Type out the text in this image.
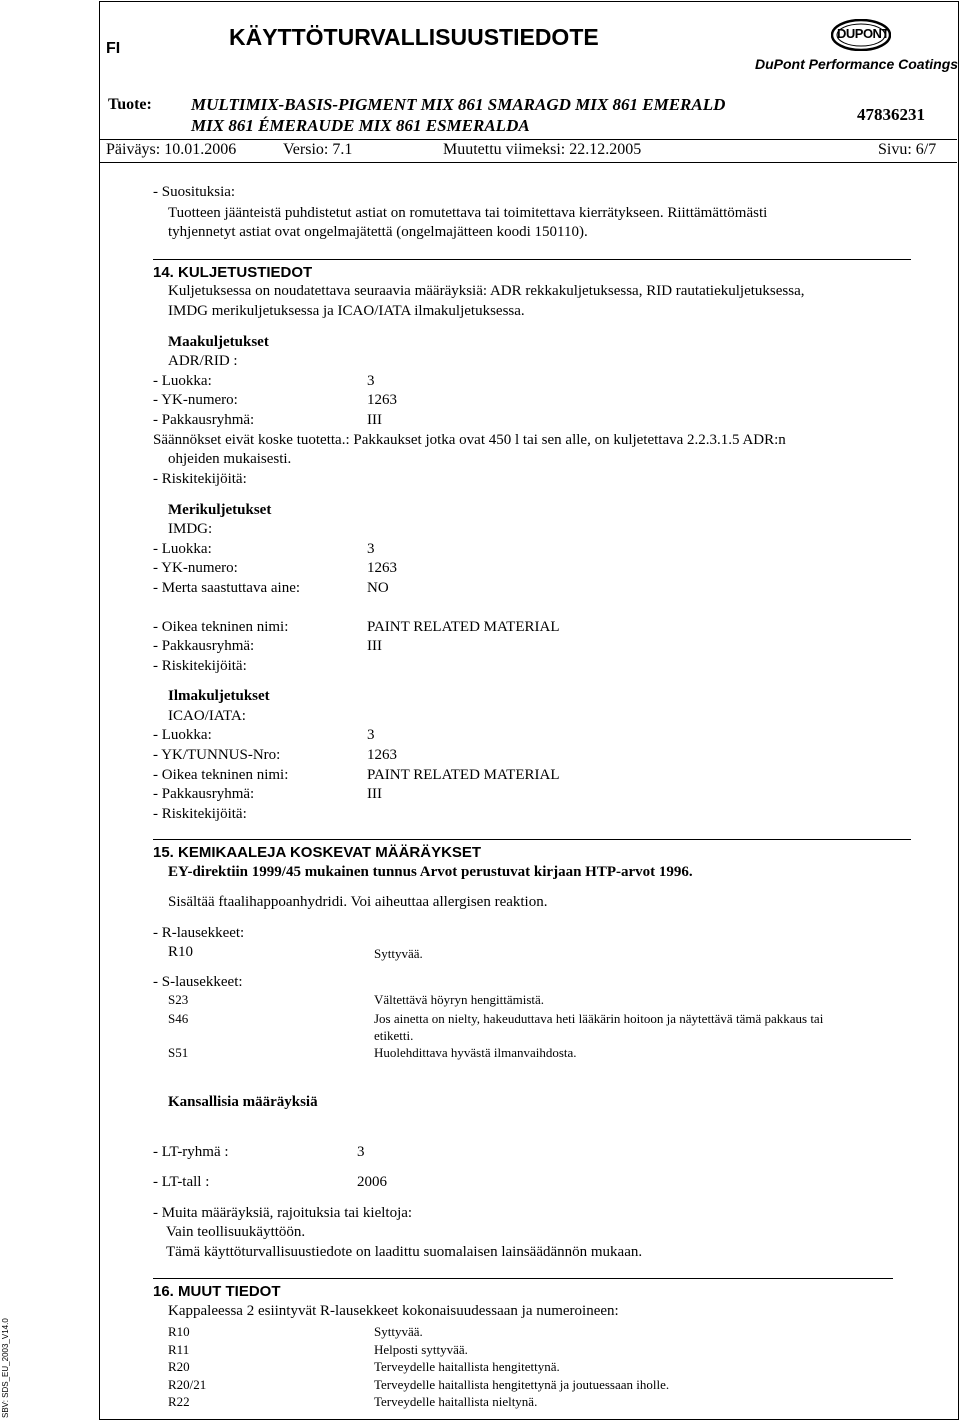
SBV: SDS_EU_2003_V14.0
KÄYTTÖTURVALLISUUSTIEDOTE
FI
DUPONT
DuPont Performance Coatings
Tuote: MULTIMIX-BASIS-PIGMENT MIX 861 SMARAGD MIX 861 EMERALD
MIX 861 ÉMERAUDE MIX 861 ESMERALDA
47836231
Päiväys: 10.01.2006	Versio: 7.1	Muutettu viimeksi: 22.12.2005	Sivu: 6/7
- Suosituksia:
Tuotteen jäänteistä puhdistetut astiat on romutettava tai toimitettava kierrätykseen. Riittämättömästi
tyhjennetyt astiat ovat ongelmajätettä (ongelmajätteen koodi 150110).
14. KULJETUSTIEDOT
Kuljetuksessa on noudatettava seuraavia määräyksiä: ADR rekkakuljetuksessa, RID rautatiekuljetuksessa,
IMDG merikuljetuksessa ja ICAO/IATA ilmakuljetuksessa.
Maakuljetukset
ADR/RID :
- Luokka:	3
- YK-numero:	1263
- Pakkausryhmä:	III
Säännökset eivät koske tuotetta.: Pakkaukset jotka ovat 450 l tai sen alle, on kuljetettava 2.2.3.1.5 ADR:n
ohjeiden mukaisesti.
- Riskitekijöitä:
Merikuljetukset
IMDG:
- Luokka:	3
- YK-numero:	1263
- Merta saastuttava aine:	NO
- Oikea tekninen nimi:	PAINT RELATED MATERIAL
- Pakkausryhmä:	III
- Riskitekijöitä:
Ilmakuljetukset
ICAO/IATA:
- Luokka:	3
- YK/TUNNUS-Nro:	1263
- Oikea tekninen nimi:	PAINT RELATED MATERIAL
- Pakkausryhmä:	III
- Riskitekijöitä:
15. KEMIKAALEJA KOSKEVAT MÄÄRÄYKSET
EY-direktiin 1999/45 mukainen tunnus Arvot perustuvat kirjaan HTP-arvot 1996.
Sisältää ftaalihappoanhydridi. Voi aiheuttaa allergisen reaktion.
- R-lausekkeet:
R10	Syttyvää.
- S-lausekkeet:
S23	Vältettävä höyryn hengittämistä.
S46	Jos ainetta on nielty, hakeuduttava heti lääkärin hoitoon ja näytettävä tämä pakkaus tai
etiketti.
S51	Huolehdittava hyvästä ilmanvaihdosta.
Kansallisia määräyksiä
- LT-ryhmä :	3
- LT-tall :	2006
- Muita määräyksiä, rajoituksia tai kieltoja:
Vain teollisuukäyttöön.
Tämä käyttöturvallisuustiedote on laadittu suomalaisen lainsäädännön mukaan.
16. MUUT TIEDOT
Kappaleessa 2 esiintyvät R-lausekkeet kokonaisuudessaan ja numeroineen:
R10	Syttyvää.
R11	Helposti syttyvää.
R20	Terveydelle haitallista hengitettynä.
R20/21	Terveydelle haitallista hengitettynä ja joutuessaan iholle.
R22	Terveydelle haitallista nieltynä.
